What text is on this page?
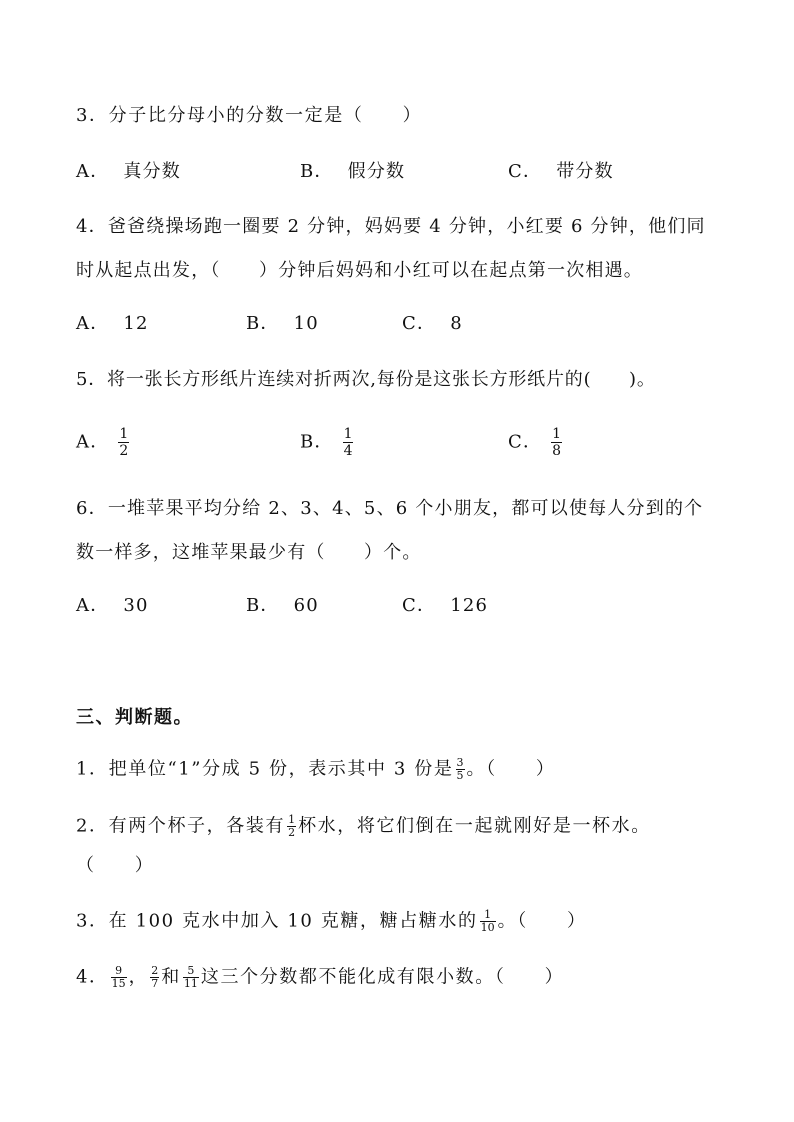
3．分子比分母小的分数一定是（　　）
A． 真分数	B． 假分数	C． 带分数
4．爸爸绕操场跑一圈要 2 分钟，妈妈要 4 分钟，小红要 6 分钟，他们同
时从起点出发，（　　）分钟后妈妈和小红可以在起点第一次相遇。
A． 12	B． 10	C． 8
5．将一张长方形纸片连续对折两次,每份是这张长方形纸片的(　　)。
A． $\frac{1}{2}$	B． $\frac{1}{4}$	C． $\frac{1}{8}$
6．一堆苹果平均分给 2、3、4、5、6 个小朋友，都可以使每人分到的个
数一样多，这堆苹果最少有（　　）个。
A． 30	B． 60	C． 126
三、判断题。
1．把单位“1”分成 5 份，表示其中 3 份是 $\frac{3}{5}$ 。（　　）
2．有两个杯子，各装有 $\frac{1}{2}$ 杯水，将它们倒在一起就刚好是一杯水。
（　　）
3．在 100 克水中加入 10 克糖，糖占糖水的 $\frac{1}{10}$ 。（　　）
4． $\frac{9}{15}$ ， $\frac{2}{7}$ 和 $\frac{5}{11}$ 这三个分数都不能化成有限小数。（　　）
